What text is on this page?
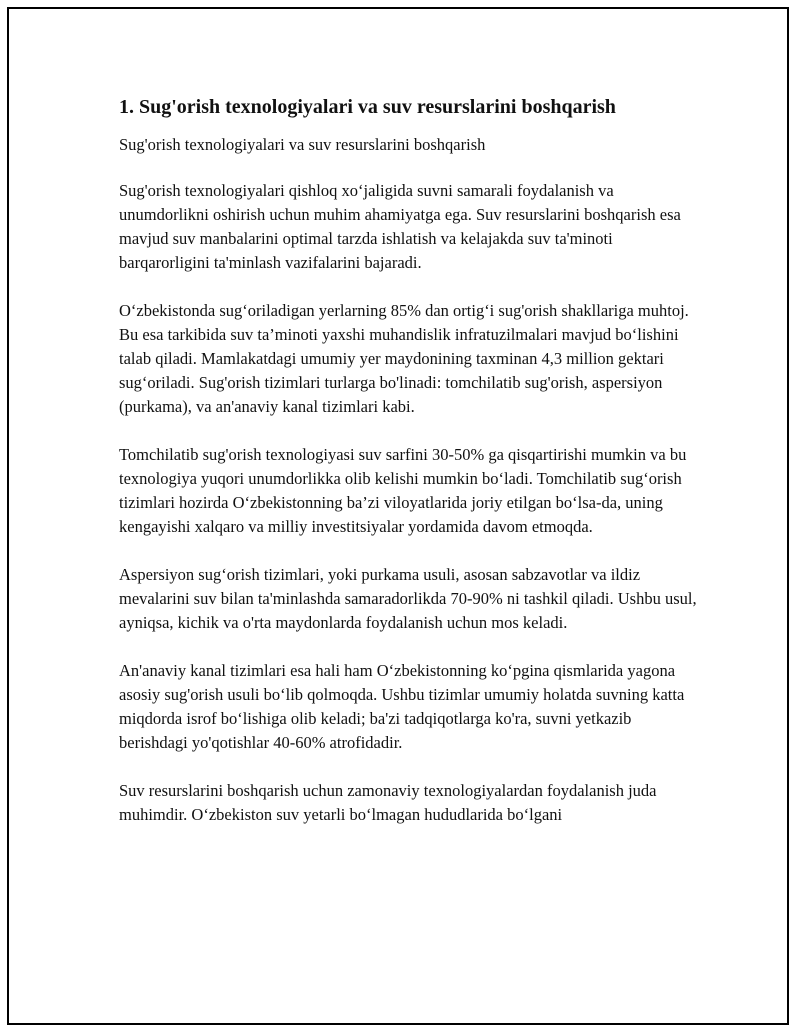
1. Sug'orish texnologiyalari va suv resurslarini boshqarish

Sug'orish texnologiyalari va suv resurslarini boshqarish

Sug'orish texnologiyalari qishloq xo‘jaligida suvni samarali foydalanish va unumdorlikni oshirish uchun muhim ahamiyatga ega. Suv resurslarini boshqarish esa mavjud suv manbalarini optimal tarzda ishlatish va kelajakda suv ta'minoti barqarorligini ta'minlash vazifalarini bajaradi.

O‘zbekistonda sug‘oriladigan yerlarning 85% dan ortig‘i sug'orish shakllariga muhtoj. Bu esa tarkibida suv ta’minoti yaxshi muhandislik infratuzilmalari mavjud bo‘lishini talab qiladi. Mamlakatdagi umumiy yer maydonining taxminan 4,3 million gektari sug‘oriladi. Sug'orish tizimlari turlarga bo'linadi: tomchilatib sug'orish, aspersiyon (purkama), va an'anaviy kanal tizimlari kabi.

Tomchilatib sug'orish texnologiyasi suv sarfini 30-50% ga qisqartirishi mumkin va bu texnologiya yuqori unumdorlikka olib kelishi mumkin bo‘ladi. Tomchilatib sug‘orish tizimlari hozirda O‘zbekistonning ba’zi viloyatlarida joriy etilgan bo‘lsa-da, uning kengayishi xalqaro va milliy investitsiyalar yordamida davom etmoqda.

Aspersiyon sug‘orish tizimlari, yoki purkama usuli, asosan sabzavotlar va ildiz mevalarini suv bilan ta'minlashda samaradorlikda 70-90% ni tashkil qiladi. Ushbu usul, ayniqsa, kichik va o'rta maydonlarda foydalanish uchun mos keladi.

An'anaviy kanal tizimlari esa hali ham O‘zbekistonning ko‘pgina qismlarida yagona asosiy sug'orish usuli bo‘lib qolmoqda. Ushbu tizimlar umumiy holatda suvning katta miqdorda isrof bo‘lishiga olib keladi; ba'zi tadqiqotlarga ko'ra, suvni yetkazib berishdagi yo'qotishlar 40-60% atrofidadir.

Suv resurslarini boshqarish uchun zamonaviy texnologiyalardan foydalanish juda muhimdir. O‘zbekiston suv yetarli bo‘lmagan hududlarida bo‘lgani
